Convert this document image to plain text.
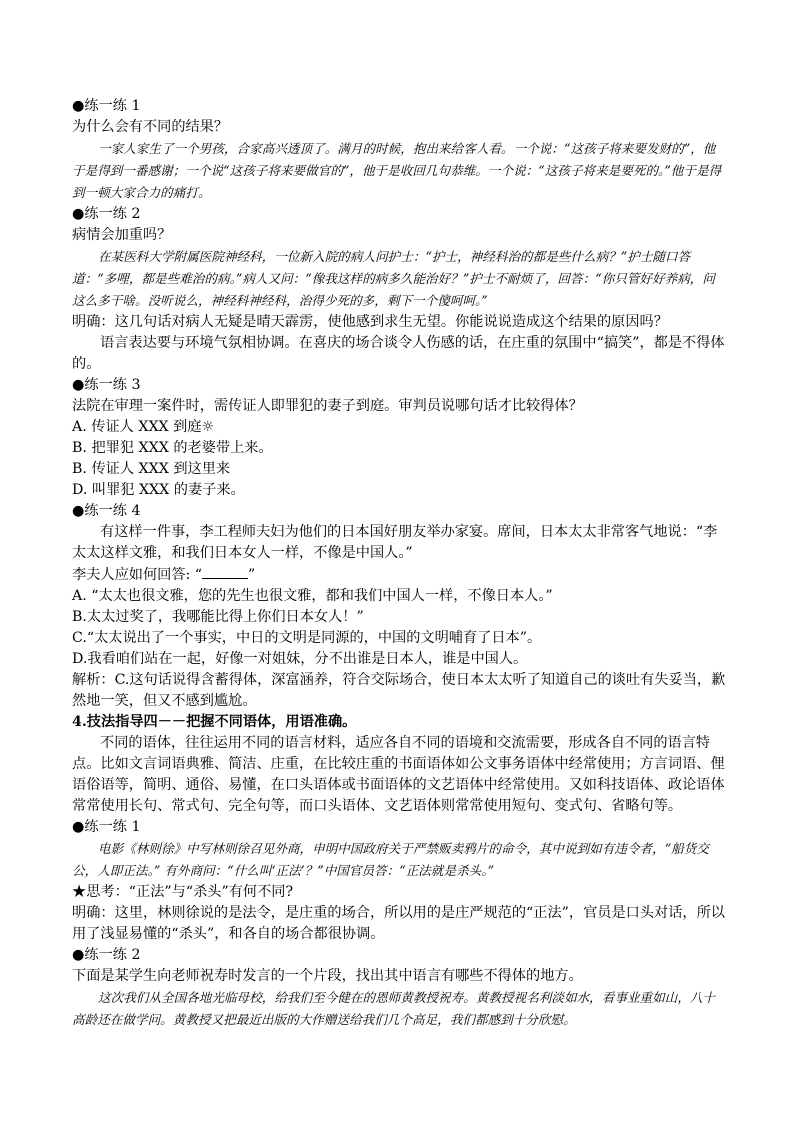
●练一练 1

为什么会有不同的结果？

一家人家生了一个男孩，合家高兴透顶了。满月的时候，抱出来给客人看。一个说：“这孩子将来要发财的”，他于是得到一番感谢；一个说“这孩子将来要做官的”，他于是收回几句恭维。一个说：“这孩子将来是要死的。”他于是得到一顿大家合力的痛打。

●练一练 2

病情会加重吗？

在某医科大学附属医院神经科，一位新入院的病人问护士：“护士，神经科治的都是些什么病？”护士随口答道：“多哩，都是些难治的病。”病人又问：“像我这样的病多久能治好？”护士不耐烦了，回答：“你只管好好养病，问这么多干啥。没听说么，神经科神经科，治得少死的多，剩下一个傻呵呵。”

明确：这几句话对病人无疑是晴天霹雳，使他感到求生无望。你能说说造成这个结果的原因吗？

语言表达要与环境气氛相协调。在喜庆的场合谈令人伤感的话，在庄重的氛围中“搞笑”，都是不得体的。

●练一练 3

法院在审理一案件时，需传证人即罪犯的妻子到庭。审判员说哪句话才比较得体？

A. 传证人 XXX 到庭☼

B. 把罪犯 XXX 的老婆带上来。

B. 传证人 XXX 到这里来

D. 叫罪犯 XXX 的妻子来。

●练一练 4

有这样一件事，李工程师夫妇为他们的日本国好朋友举办家宴。席间，日本太太非常客气地说：“李太太这样文雅，和我们日本女人一样，不像是中国人。”

李夫人应如何回答: “	”

A. “太太也很文雅，您的先生也很文雅，都和我们中国人一样，不像日本人。”

B.太太过奖了，我哪能比得上你们日本女人！”

C.“太太说出了一个事实，中日的文明是同源的，中国的文明哺育了日本”。

D.我看咱们站在一起，好像一对姐妹，分不出谁是日本人，谁是中国人。

解析：C.这句话说得含蓄得体，深富涵养，符合交际场合，使日本太太听了知道自己的谈吐有失妥当，歉然地一笑，但又不感到尴尬。

4.技法指导四－－把握不同语体，用语准确。

不同的语体，往往运用不同的语言材料，适应各自不同的语境和交流需要，形成各自不同的语言特点。比如文言词语典雅、简洁、庄重，在比较庄重的书面语体如公文事务语体中经常使用；方言词语、俚语俗语等，简明、通俗、易懂，在口头语体或书面语体的文艺语体中经常使用。又如科技语体、政论语体常常使用长句、常式句、完全句等，而口头语体、文艺语体则常常使用短句、变式句、省略句等。

●练一练 1

电影《林则徐》中写林则徐召见外商，申明中国政府关于严禁贩卖鸦片的命令，其中说到如有违令者，“船货交公，人即正法。” 有外商问：“什么叫‘正法’？”中国官员答：“正法就是杀头。”

★思考：“正法”与“杀头”有何不同?

明确：这里，林则徐说的是法令，是庄重的场合，所以用的是庄严规范的“正法”，官员是口头对话，所以用了浅显易懂的“杀头”，和各自的场合都很协调。

●练一练 2

下面是某学生向老师祝寿时发言的一个片段，找出其中语言有哪些不得体的地方。

这次我们从全国各地光临母校，给我们至今健在的恩师黄教授祝寿。黄教授视名利淡如水，看事业重如山，八十高龄还在做学问。黄教授又把最近出版的大作赠送给我们几个高足，我们都感到十分欣慰。
